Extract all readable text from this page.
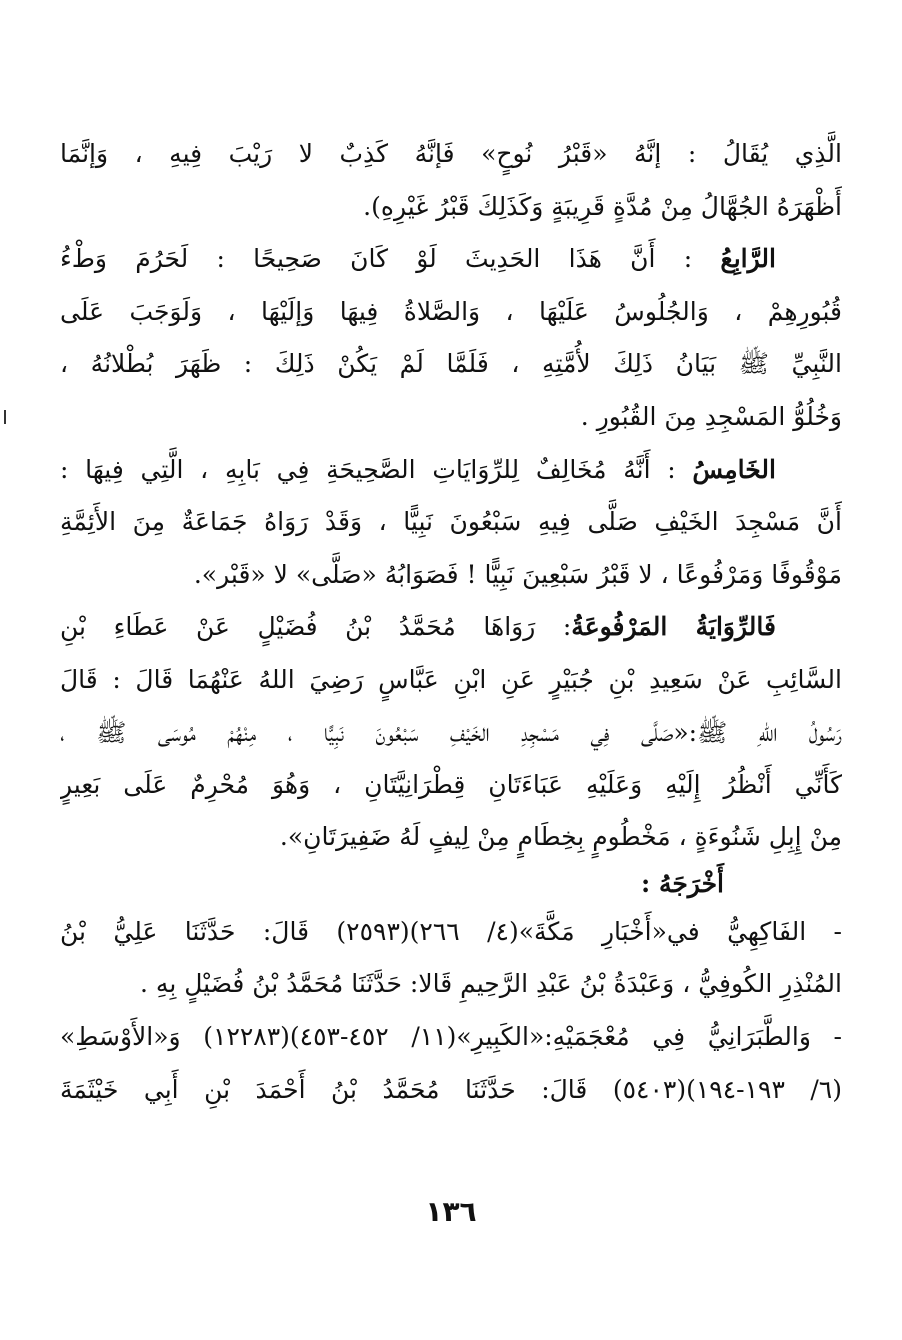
الَّذِي يُقَالُ : إنَّهُ «قَبْرُ نُوحٍ» فَإنَّهُ كَذِبٌ لا رَيْبَ فِيهِ ، وَإنَّمَا
أَظْهَرَهُ الجُهَّالُ مِنْ مُدَّةٍ قَرِيبَةٍ وَكَذَلِكَ قَبْرُ غَيْرِهِ).
الرَّابِعُ : أَنَّ هَذَا الحَدِيثَ لَوْ كَانَ صَحِيحًا : لَحَرُمَ وَطْءُ
قُبُورِهِمْ ، وَالجُلُوسُ عَلَيْهَا ، وَالصَّلاةُ فِيهَا وَإلَيْهَا ، وَلَوَجَبَ عَلَى
النَّبِيِّ ﷺ بَيَانُ ذَلِكَ لأُمَّتِهِ ، فَلَمَّا لَمْ يَكُنْ ذَلِكَ : ظَهَرَ بُطْلانُهُ ،
وَخُلُوُّ المَسْجِدِ مِنَ القُبُورِ .
الخَامِسُ : أَنَّهُ مُخَالِفٌ لِلرِّوَايَاتِ الصَّحِيحَةِ فِي بَابِهِ ، الَّتِي فِيهَا :
أَنَّ مَسْجِدَ الخَيْفِ صَلَّى فِيهِ سَبْعُونَ نَبِيًّا ، وَقَدْ رَوَاهُ جَمَاعَةٌ مِنَ الأَئِمَّةِ
مَوْقُوفًا وَمَرْفُوعًا ، لا قَبْرُ سَبْعِينَ نَبِيًّا ! فَصَوَابُهُ «صَلَّى» لا «قَبْر».
فَالرِّوَايَةُ المَرْفُوعَةُ: رَوَاهَا مُحَمَّدُ بْنُ فُضَيْلٍ عَنْ عَطَاءِ بْنِ
السَّائِبِ عَنْ سَعِيدِ بْنِ جُبَيْرٍ عَنِ ابْنِ عَبَّاسٍ رَضِيَ اللهُ عَنْهُمَا قَالَ : قَالَ
رَسُولُ اللهِ ﷺ:«صَلَّى فِي مَسْجِدِ الخَيْفِ سَبْعُونَ نَبِيًّا ، مِنْهُمْ مُوسَى ﷺ ،
كَأَنِّي أَنْظُرُ إِلَيْهِ وَعَلَيْهِ عَبَاءَتَانِ قِطْرَانِيَّتَانِ ، وَهُوَ مُحْرِمٌ عَلَى بَعِيرٍ
مِنْ إِبِلِ شَنُوءَةٍ ، مَخْطُومٍ بِخِطَامٍ مِنْ لِيفٍ لَهُ ضَفِيرَتَانِ».
أَخْرَجَهُ :
- الفَاكِهِيُّ في«أَخْبَارِ مَكَّةَ»(٤/ ٢٦٦)(٢٥٩٣) قَالَ: حَدَّثَنَا عَلِيُّ بْنُ
المُنْذِرِ الكُوفِيُّ ، وَعَبْدَةُ بْنُ عَبْدِ الرَّحِيمِ قَالا: حَدَّثَنَا مُحَمَّدُ بْنُ فُضَيْلٍ بِهِ .
- وَالطَّبَرَانِيُّ فِي مُعْجَمَيْهِ:«الكَبِيرِ»(١١/ ٤٥٢-٤٥٣)(١٢٢٨٣) وَ«الأَوْسَطِ»
(٦/ ١٩٣-١٩٤)(٥٤٠٣) قَالَ: حَدَّثَنَا مُحَمَّدُ بْنُ أَحْمَدَ بْنِ أَبِي خَيْثَمَةَ
١٣٦
